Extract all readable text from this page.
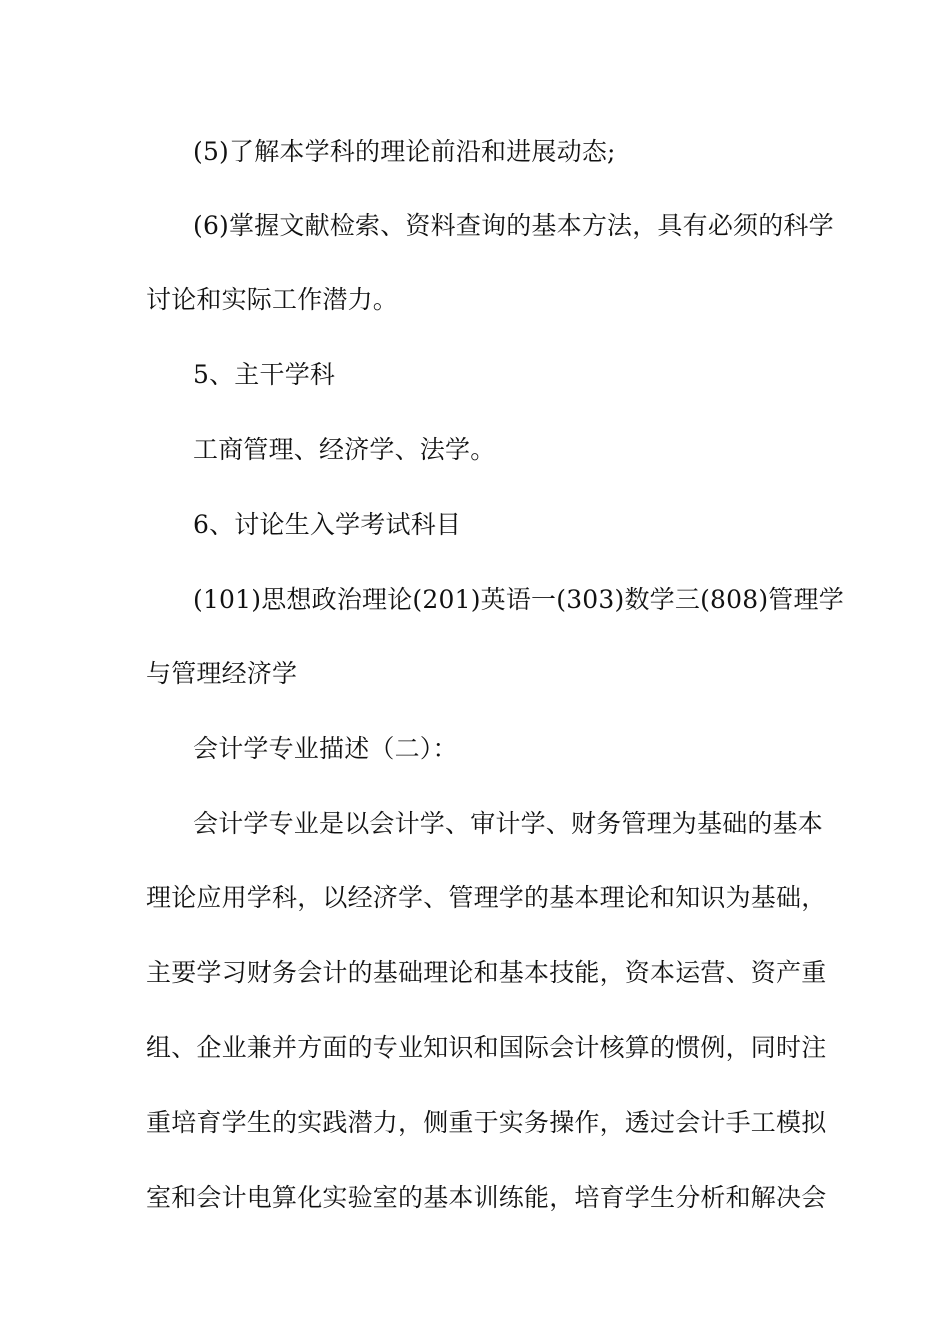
(5)了解本学科的理论前沿和进展动态;
(6)掌握文献检索、资料查询的基本方法，具有必须的科学
讨论和实际工作潜力。
5、主干学科
工商管理、经济学、法学。
6、讨论生入学考试科目
(101)思想政治理论(201)英语一(303)数学三(808)管理学
与管理经济学
会计学专业描述（二）：
会计学专业是以会计学、审计学、财务管理为基础的基本
理论应用学科，以经济学、管理学的基本理论和知识为基础，
主要学习财务会计的基础理论和基本技能，资本运营、资产重
组、企业兼并方面的专业知识和国际会计核算的惯例，同时注
重培育学生的实践潜力，侧重于实务操作，透过会计手工模拟
室和会计电算化实验室的基本训练能，培育学生分析和解决会
